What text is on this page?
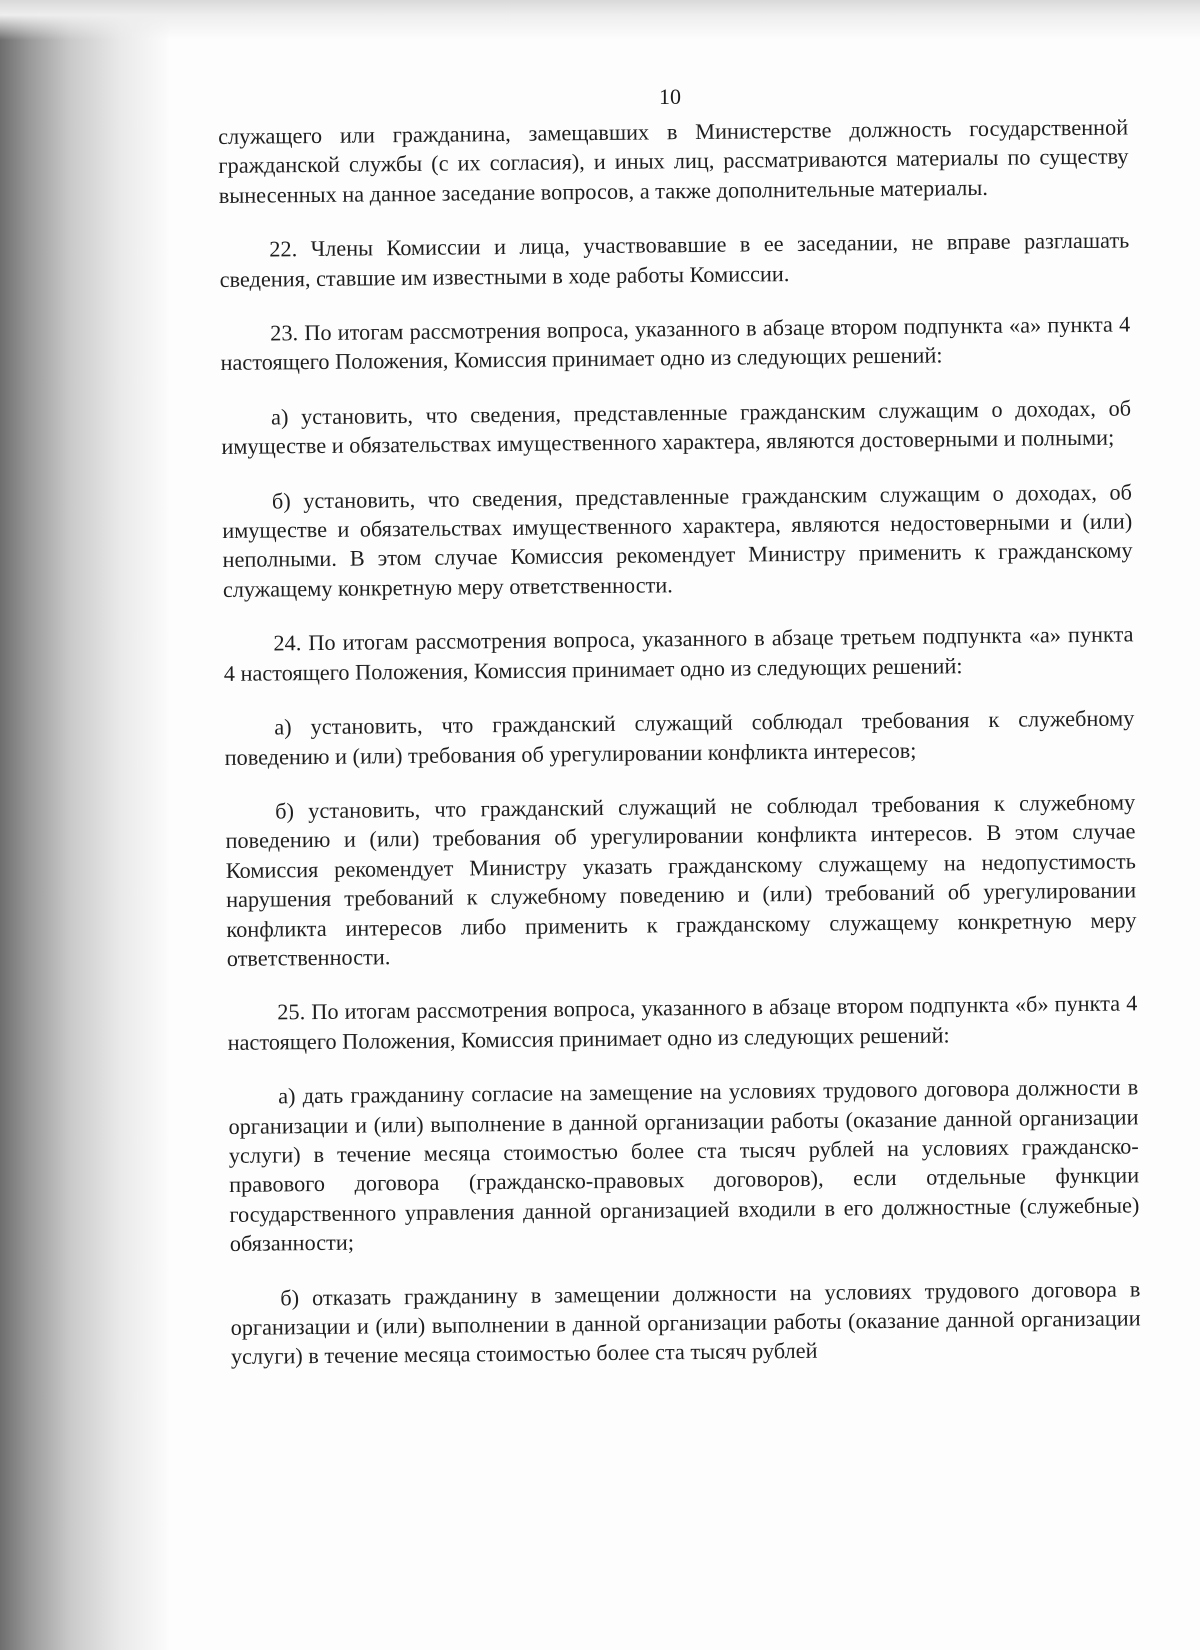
10

служащего или гражданина, замещавших в Министерстве должность государственной гражданской службы (с их согласия), и иных лиц, рассматриваются материалы по существу вынесенных на данное заседание вопросов, а также дополнительные материалы.

22. Члены Комиссии и лица, участвовавшие в ее заседании, не вправе разглашать сведения, ставшие им известными в ходе работы Комиссии.

23. По итогам рассмотрения вопроса, указанного в абзаце втором подпункта «а» пункта 4 настоящего Положения, Комиссия принимает одно из следующих решений:

а) установить, что сведения, представленные гражданским служащим о доходах, об имуществе и обязательствах имущественного характера, являются достоверными и полными;

б) установить, что сведения, представленные гражданским служащим о доходах, об имуществе и обязательствах имущественного характера, являются недостоверными и (или) неполными. В этом случае Комиссия рекомендует Министру применить к гражданскому служащему конкретную меру ответственности.

24. По итогам рассмотрения вопроса, указанного в абзаце третьем подпункта «а» пункта 4 настоящего Положения, Комиссия принимает одно из следующих решений:

а) установить, что гражданский служащий соблюдал требования к служебному поведению и (или) требования об урегулировании конфликта интересов;

б) установить, что гражданский служащий не соблюдал требования к служебному поведению и (или) требования об урегулировании конфликта интересов. В этом случае Комиссия рекомендует Министру указать гражданскому служащему на недопустимость нарушения требований к служебному поведению и (или) требований об урегулировании конфликта интересов либо применить к гражданскому служащему конкретную меру ответственности.

25. По итогам рассмотрения вопроса, указанного в абзаце втором подпункта «б» пункта 4 настоящего Положения, Комиссия принимает одно из следующих решений:

а) дать гражданину согласие на замещение на условиях трудового договора должности в организации и (или) выполнение в данной организации работы (оказание данной организации услуги) в течение месяца стоимостью более ста тысяч рублей на условиях гражданско-правового договора (гражданско-правовых договоров), если отдельные функции государственного управления данной организацией входили в его должностные (служебные) обязанности;

б) отказать гражданину в замещении должности на условиях трудового договора в организации и (или) выполнении в данной организации работы (оказание данной организации услуги) в течение месяца стоимостью более ста тысяч рублей
